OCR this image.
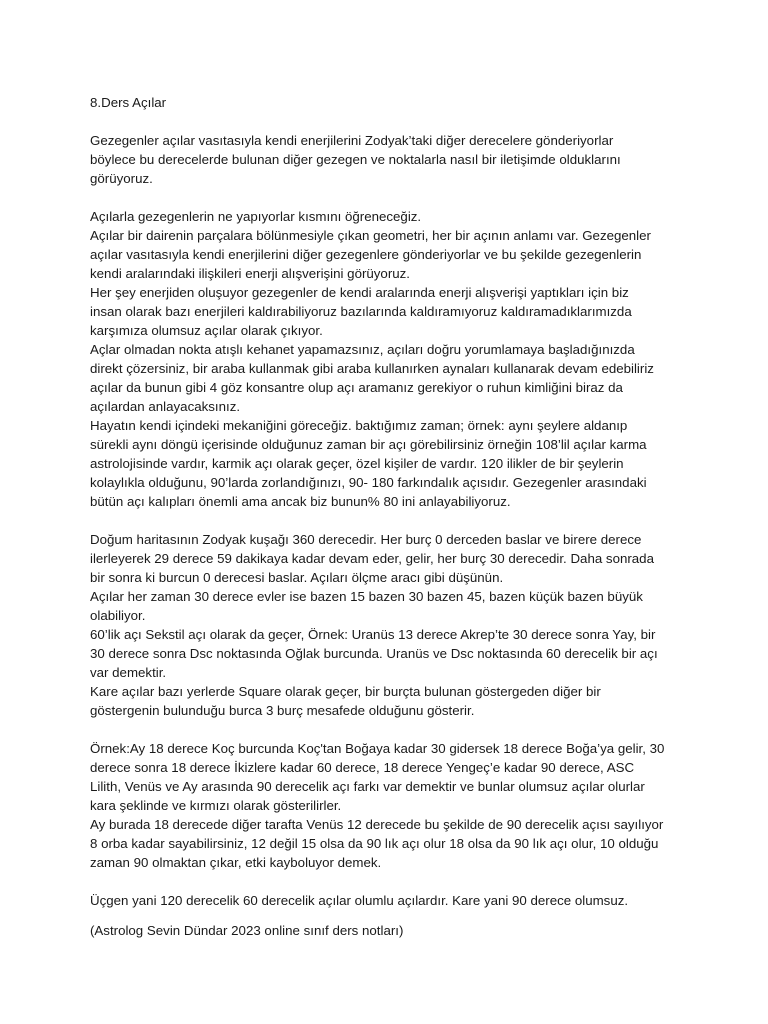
8.Ders Açılar
Gezegenler açılar vasıtasıyla kendi enerjilerini Zodyak’taki diğer derecelere gönderiyorlar
böylece bu derecelerde bulunan diğer gezegen ve noktalarla nasıl bir iletişimde olduklarını
görüyoruz.
Açılarla gezegenlerin ne yapıyorlar kısmını öğreneceğiz.
Açılar bir dairenin parçalara bölünmesiyle çıkan geometri, her bir açının anlamı var. Gezegenler
açılar vasıtasıyla kendi enerjilerini diğer gezegenlere gönderiyorlar ve bu şekilde gezegenlerin
kendi aralarındaki ilişkileri enerji alışverişini görüyoruz.
Her şey enerjiden oluşuyor gezegenler de kendi aralarında enerji alışverişi yaptıkları için biz
insan olarak bazı enerjileri kaldırabiliyoruz bazılarında kaldıramıyoruz kaldıramadıklarımızda
karşımıza olumsuz açılar olarak çıkıyor.
Açlar olmadan nokta atışlı kehanet yapamazsınız, açıları doğru yorumlamaya başladığınızda
direkt çözersiniz, bir araba kullanmak gibi araba kullanırken aynaları kullanarak devam edebiliriz
açılar da bunun gibi 4 göz konsantre olup açı aramanız gerekiyor o ruhun kimliğini biraz da
açılardan anlayacaksınız.
Hayatın kendi içindeki mekaniğini göreceğiz. baktığımız zaman; örnek: aynı şeylere aldanıp
sürekli aynı döngü içerisinde olduğunuz zaman bir açı görebilirsiniz örneğin 108’lil açılar karma
astrolojisinde vardır, karmik açı olarak geçer, özel kişiler de vardır. 120 ilikler de bir şeylerin
kolaylıkla olduğunu, 90’larda zorlandığınızı, 90- 180 farkındalık açısıdır. Gezegenler arasındaki
bütün açı kalıpları önemli ama ancak biz bunun% 80 ini anlayabiliyoruz.
Doğum haritasının Zodyak kuşağı 360 derecedir. Her burç 0 derceden baslar ve birere derece
ilerleyerek 29 derece 59 dakikaya kadar devam eder, gelir, her burç 30 derecedir. Daha sonrada
bir sonra ki burcun 0 derecesi baslar. Açıları ölçme aracı gibi düşünün.
Açılar her zaman 30 derece evler ise bazen 15 bazen 30 bazen 45, bazen küçük bazen büyük
olabiliyor.
60’lik açı Sekstil açı olarak da geçer, Örnek: Uranüs 13 derece Akrep’te 30 derece sonra Yay, bir
30 derece sonra Dsc noktasında Oğlak burcunda. Uranüs ve Dsc noktasında 60 derecelik bir açı
var demektir.
Kare açılar bazı yerlerde Square olarak geçer, bir burçta bulunan göstergeden diğer bir
göstergenin bulunduğu burca 3 burç mesafede olduğunu gösterir.
Örnek:Ay 18 derece Koç burcunda Koç'tan Boğaya kadar 30 gidersek 18 derece Boğa’ya gelir, 30
derece sonra 18 derece İkizlere kadar 60 derece, 18 derece Yengeç’e kadar 90 derece, ASC
Lilith, Venüs ve Ay arasında 90 derecelik açı farkı var demektir ve bunlar olumsuz açılar olurlar
kara şeklinde ve kırmızı olarak gösterilirler.
Ay burada 18 derecede diğer tarafta Venüs 12 derecede bu şekilde de 90 derecelik açısı sayılıyor
8 orba kadar sayabilirsiniz, 12 değil 15 olsa da 90 lık açı olur 18 olsa da 90 lık açı olur, 10 olduğu
zaman 90 olmaktan çıkar, etki kayboluyor demek.
Üçgen yani 120 derecelik 60 derecelik açılar olumlu açılardır. Kare yani 90 derece olumsuz.
(Astrolog Sevin Dündar 2023 online sınıf ders notları)
